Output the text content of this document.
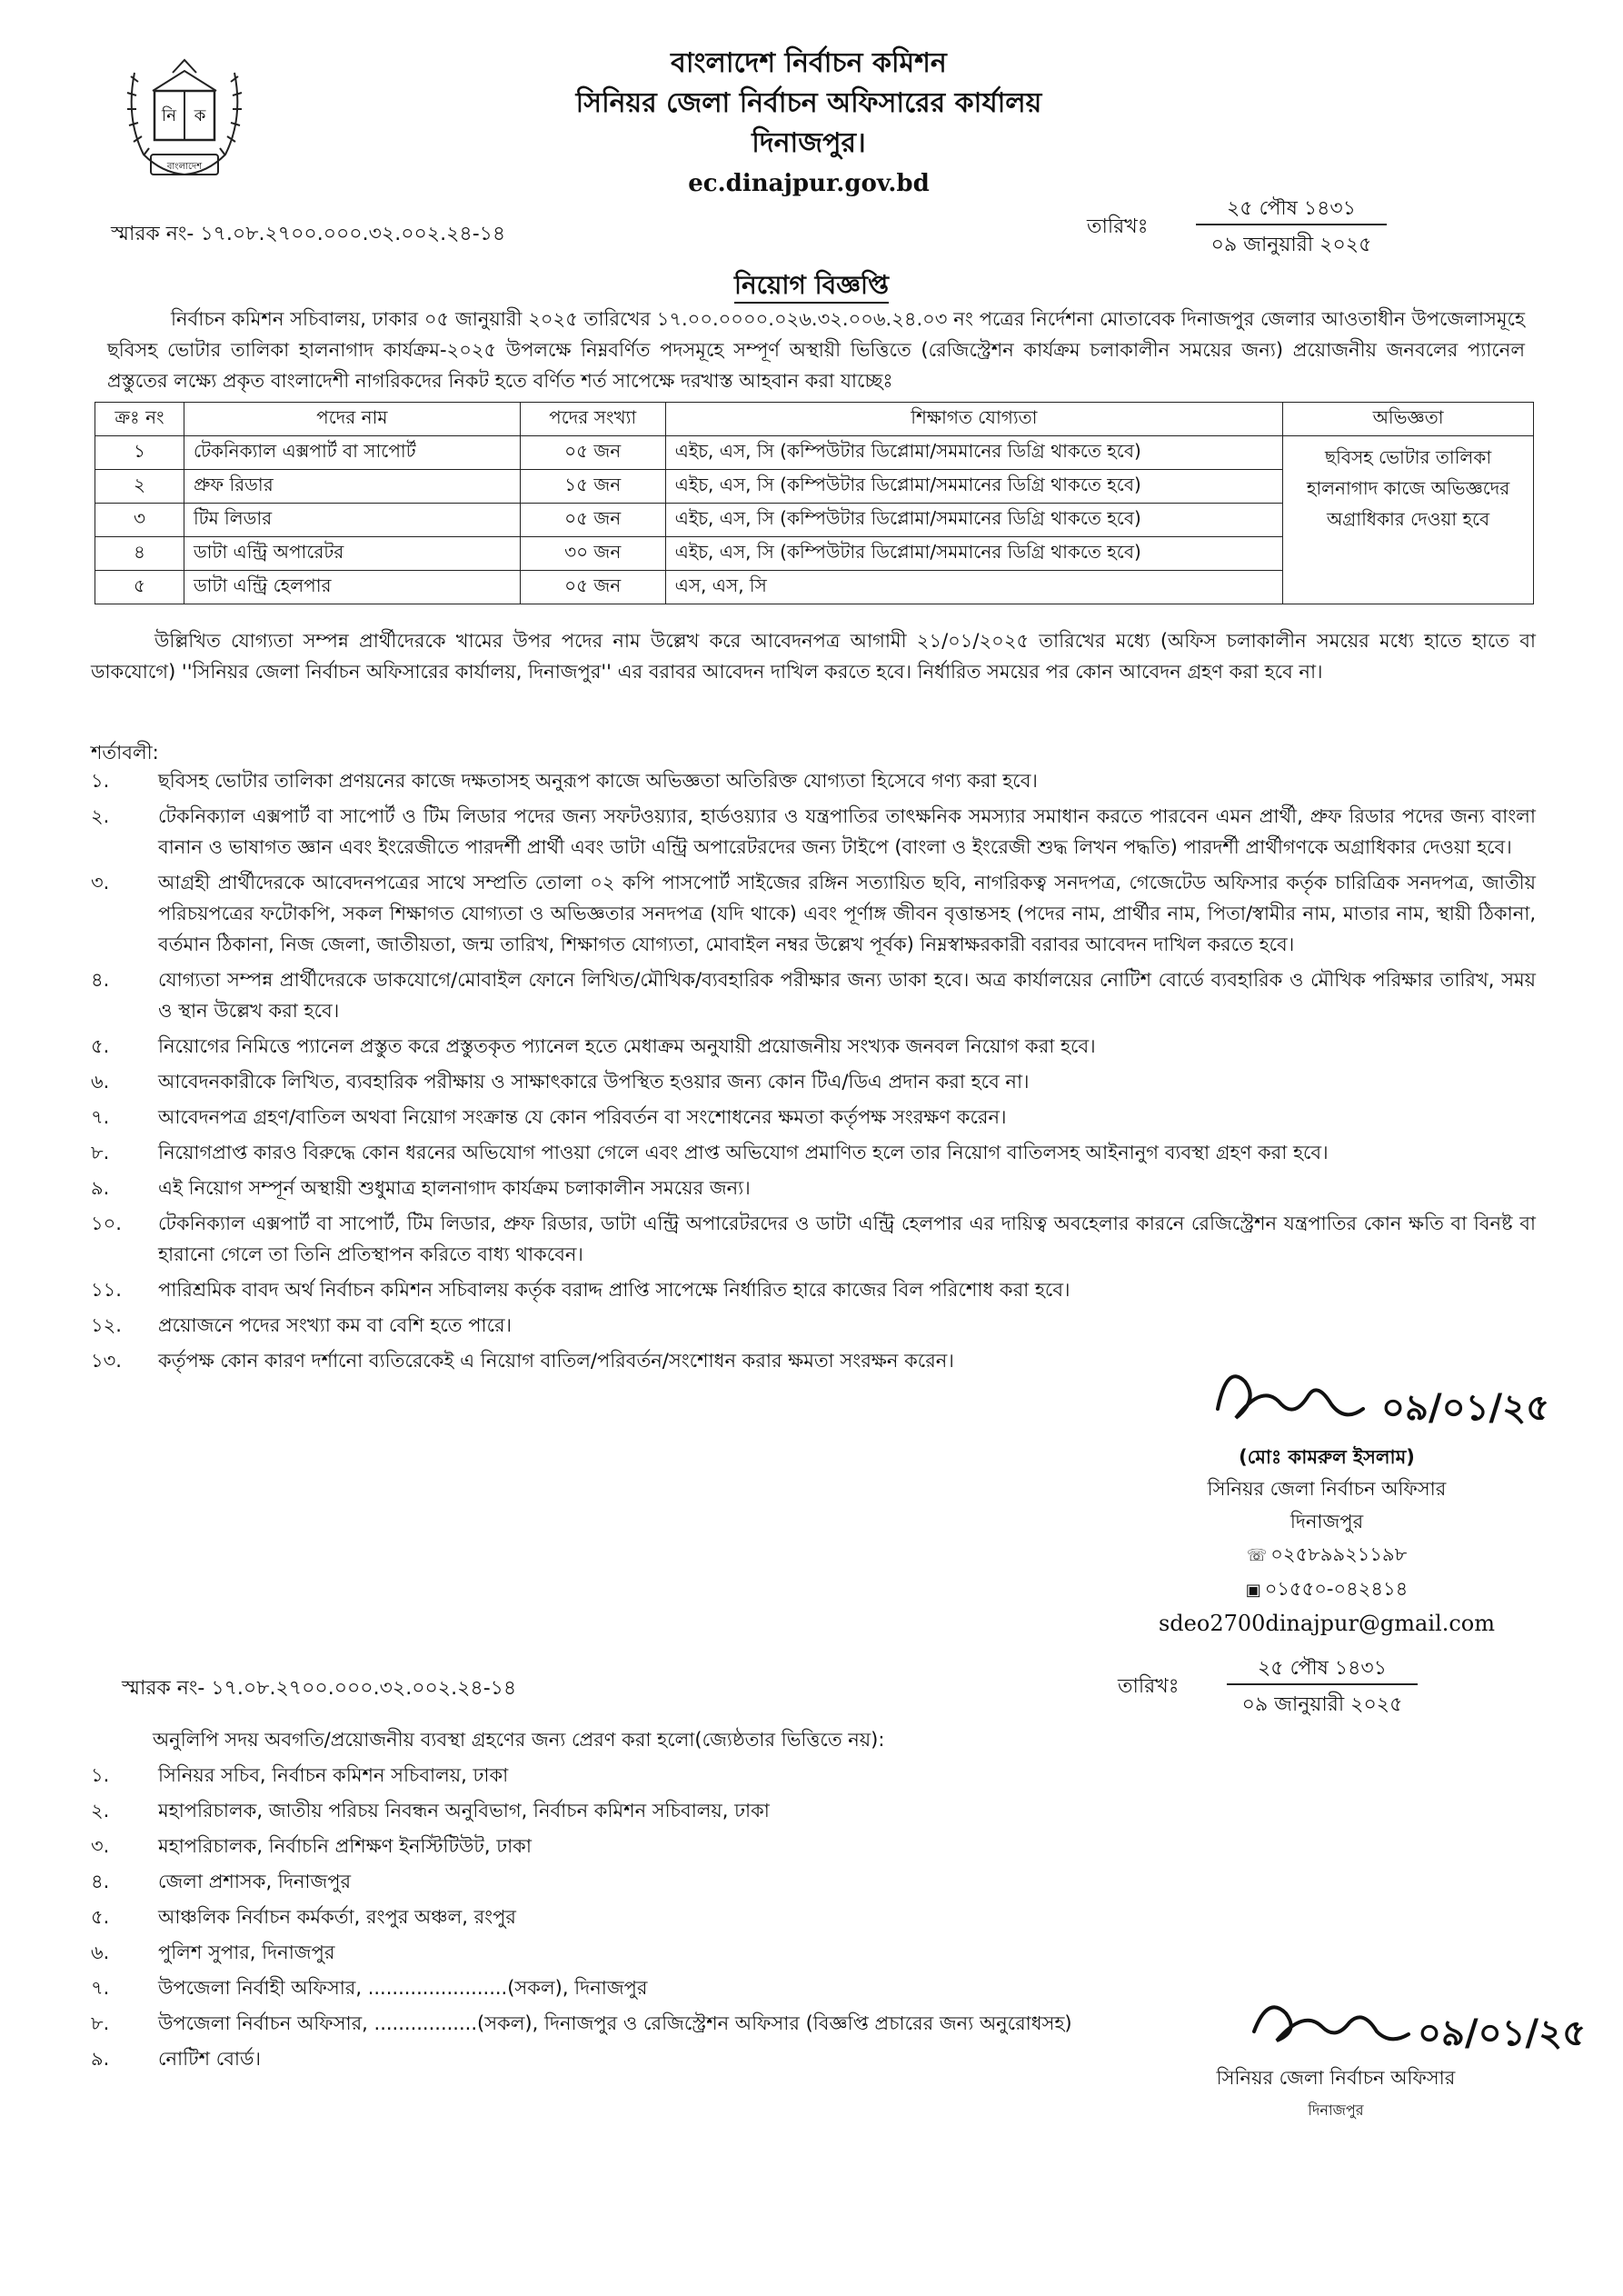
নি ক
বাংলাদেশ
বাংলাদেশ নির্বাচন কমিশন
সিনিয়র জেলা নির্বাচন অফিসারের কার্যালয়
দিনাজপুর।
ec.dinajpur.gov.bd
স্মারক নং- ১৭.০৮.২৭০০.০০০.৩২.০০২.২৪-১৪	তারিখঃ
২৫ পৌষ ১৪৩১
০৯ জানুয়ারী ২০২৫
নিয়োগ বিজ্ঞপ্তি
নির্বাচন কমিশন সচিবালয়, ঢাকার ০৫ জানুয়ারী ২০২৫ তারিখের ১৭.০০.০০০০.০২৬.৩২.০০৬.২৪.০৩ নং পত্রের নির্দেশনা মোতাবেক দিনাজপুর জেলার আওতাধীন উপজেলাসমূহে ছবিসহ ভোটার তালিকা হালনাগাদ কার্যক্রম-২০২৫ উপলক্ষে নিম্নবর্ণিত পদসমূহে সম্পূর্ণ অস্থায়ী ভিত্তিতে (রেজিস্ট্রেশন কার্যক্রম চলাকালীন সময়ের জন্য) প্রয়োজনীয় জনবলের প্যানেল প্রস্তুতের লক্ষ্যে প্রকৃত বাংলাদেশী নাগরিকদের নিকট হতে বর্ণিত শর্ত সাপেক্ষে দরখাস্ত আহবান করা যাচ্ছেঃ
ক্রঃ নং	পদের নাম	পদের সংখ্যা	শিক্ষাগত যোগ্যতা	অভিজ্ঞতা
১	টেকনিক্যাল এক্সপার্ট বা সাপোর্ট	০৫ জন	এইচ, এস, সি (কম্পিউটার ডিপ্লোমা/সমমানের ডিগ্রি থাকতে হবে)	ছবিসহ ভোটার তালিকা হালনাগাদ কাজে অভিজ্ঞদের অগ্রাধিকার দেওয়া হবে
২	প্রুফ রিডার	১৫ জন	এইচ, এস, সি (কম্পিউটার ডিপ্লোমা/সমমানের ডিগ্রি থাকতে হবে)	
৩	টিম লিডার	০৫ জন	এইচ, এস, সি (কম্পিউটার ডিপ্লোমা/সমমানের ডিগ্রি থাকতে হবে)	
৪	ডাটা এন্ট্রি অপারেটর	৩০ জন	এইচ, এস, সি (কম্পিউটার ডিপ্লোমা/সমমানের ডিগ্রি থাকতে হবে)	
৫	ডাটা এন্ট্রি হেলপার	০৫ জন	এস, এস, সি	
উল্লিখিত যোগ্যতা সম্পন্ন প্রার্থীদেরকে খামের উপর পদের নাম উল্লেখ করে আবেদনপত্র আগামী ২১/০১/২০২৫ তারিখের মধ্যে (অফিস চলাকালীন সময়ের মধ্যে হাতে হাতে বা ডাকযোগে) ''সিনিয়র জেলা নির্বাচন অফিসারের কার্যালয়, দিনাজপুর'' এর বরাবর আবেদন দাখিল করতে হবে। নির্ধারিত সময়ের পর কোন আবেদন গ্রহণ করা হবে না।
শর্তাবলী:
১.	ছবিসহ ভোটার তালিকা প্রণয়নের কাজে দক্ষতাসহ অনুরূপ কাজে অভিজ্ঞতা অতিরিক্ত যোগ্যতা হিসেবে গণ্য করা হবে।
২.	টেকনিক্যাল এক্সপার্ট বা সাপোর্ট ও টিম লিডার পদের জন্য সফটওয়্যার, হার্ডওয়্যার ও যন্ত্রপাতির তাৎক্ষনিক সমস্যার সমাধান করতে পারবেন এমন প্রার্থী, প্রুফ রিডার পদের জন্য বাংলা বানান ও ভাষাগত জ্ঞান এবং ইংরেজীতে পারদর্শী প্রার্থী এবং ডাটা এন্ট্রি অপারেটরদের জন্য টাইপে (বাংলা ও ইংরেজী শুদ্ধ লিখন পদ্ধতি) পারদর্শী প্রার্থীগণকে অগ্রাধিকার দেওয়া হবে।
৩.	আগ্রহী প্রার্থীদেরকে আবেদনপত্রের সাথে সম্প্রতি তোলা ০২ কপি পাসপোর্ট সাইজের রঙ্গিন সত্যায়িত ছবি, নাগরিকত্ব সনদপত্র, গেজেটেড অফিসার কর্তৃক চারিত্রিক সনদপত্র, জাতীয় পরিচয়পত্রের ফটোকপি, সকল শিক্ষাগত যোগ্যতা ও অভিজ্ঞতার সনদপত্র (যদি থাকে) এবং পূর্ণাঙ্গ জীবন বৃত্তান্তসহ (পদের নাম, প্রার্থীর নাম, পিতা/স্বামীর নাম, মাতার নাম, স্থায়ী ঠিকানা, বর্তমান ঠিকানা, নিজ জেলা, জাতীয়তা, জন্ম তারিখ, শিক্ষাগত যোগ্যতা, মোবাইল নম্বর উল্লেখ পূর্বক) নিম্নস্বাক্ষরকারী বরাবর আবেদন দাখিল করতে হবে।
৪.	যোগ্যতা সম্পন্ন প্রার্থীদেরকে ডাকযোগে/মোবাইল ফোনে লিখিত/মৌখিক/ব্যবহারিক পরীক্ষার জন্য ডাকা হবে। অত্র কার্যালয়ের নোটিশ বোর্ডে ব্যবহারিক ও মৌখিক পরিক্ষার তারিখ, সময় ও স্থান উল্লেখ করা হবে।
৫.	নিয়োগের নিমিত্তে প্যানেল প্রস্তুত করে প্রস্তুতকৃত প্যানেল হতে মেধাক্রম অনুযায়ী প্রয়োজনীয় সংখ্যক জনবল নিয়োগ করা হবে।
৬.	আবেদনকারীকে লিখিত, ব্যবহারিক পরীক্ষায় ও সাক্ষাৎকারে উপস্থিত হওয়ার জন্য কোন টিএ/ডিএ প্রদান করা হবে না।
৭.	আবেদনপত্র গ্রহণ/বাতিল অথবা নিয়োগ সংক্রান্ত যে কোন পরিবর্তন বা সংশোধনের ক্ষমতা কর্তৃপক্ষ সংরক্ষণ করেন।
৮.	নিয়োগপ্রাপ্ত কারও বিরুদ্ধে কোন ধরনের অভিযোগ পাওয়া গেলে এবং প্রাপ্ত অভিযোগ প্রমাণিত হলে তার নিয়োগ বাতিলসহ আইনানুগ ব্যবস্থা গ্রহণ করা হবে।
৯.	এই নিয়োগ সম্পূর্ন অস্থায়ী শুধুমাত্র হালনাগাদ কার্যক্রম চলাকালীন সময়ের জন্য।
১০. টেকনিক্যাল এক্সপার্ট বা সাপোর্ট, টিম লিডার, প্রুফ রিডার, ডাটা এন্ট্রি অপারেটরদের ও ডাটা এন্ট্রি হেলপার এর দায়িত্ব অবহেলার কারনে রেজিস্ট্রেশন যন্ত্রপাতির কোন ক্ষতি বা বিনষ্ট বা হারানো গেলে তা তিনি প্রতিস্থাপন করিতে বাধ্য থাকবেন।
১১. পারিশ্রমিক বাবদ অর্থ নির্বাচন কমিশন সচিবালয় কর্তৃক বরাদ্দ প্রাপ্তি সাপেক্ষে নির্ধারিত হারে কাজের বিল পরিশোধ করা হবে।
১২. প্রয়োজনে পদের সংখ্যা কম বা বেশি হতে পারে।
১৩. কর্তৃপক্ষ কোন কারণ দর্শানো ব্যতিরেকেই এ নিয়োগ বাতিল/পরিবর্তন/সংশোধন করার ক্ষমতা সংরক্ষন করেন।
০৯/০১/২৫
(মোঃ কামরুল ইসলাম)
সিনিয়র জেলা নির্বাচন অফিসার
দিনাজপুর
☏ ০২৫৮৯৯২১১৯৮
▣ ০১৫৫০-০৪২৪১৪
sdeo2700dinajpur@gmail.com
স্মারক নং- ১৭.০৮.২৭০০.০০০.৩২.০০২.২৪-১৪	তারিখঃ
২৫ পৌষ ১৪৩১
০৯ জানুয়ারী ২০২৫
অনুলিপি সদয় অবগতি/প্রয়োজনীয় ব্যবস্থা গ্রহণের জন্য প্রেরণ করা হলো(জ্যেষ্ঠতার ভিত্তিতে নয়):
১.	সিনিয়র সচিব, নির্বাচন কমিশন সচিবালয়, ঢাকা
২.	মহাপরিচালক, জাতীয় পরিচয় নিবন্ধন অনুবিভাগ, নির্বাচন কমিশন সচিবালয়, ঢাকা
৩.	মহাপরিচালক, নির্বাচনি প্রশিক্ষণ ইনস্টিটিউট, ঢাকা
৪.	জেলা প্রশাসক, দিনাজপুর
৫.	আঞ্চলিক নির্বাচন কর্মকর্তা, রংপুর অঞ্চল, রংপুর
৬.	পুলিশ সুপার, দিনাজপুর
৭.	উপজেলা নির্বাহী অফিসার, .......................(সকল), দিনাজপুর
৮.	উপজেলা নির্বাচন অফিসার, .................(সকল), দিনাজপুর ও রেজিস্ট্রেশন অফিসার (বিজ্ঞপ্তি প্রচারের জন্য অনুরোধসহ)
৯.	নোটিশ বোর্ড।
০৯/০১/২৫
সিনিয়র জেলা নির্বাচন অফিসার
দিনাজপুর
